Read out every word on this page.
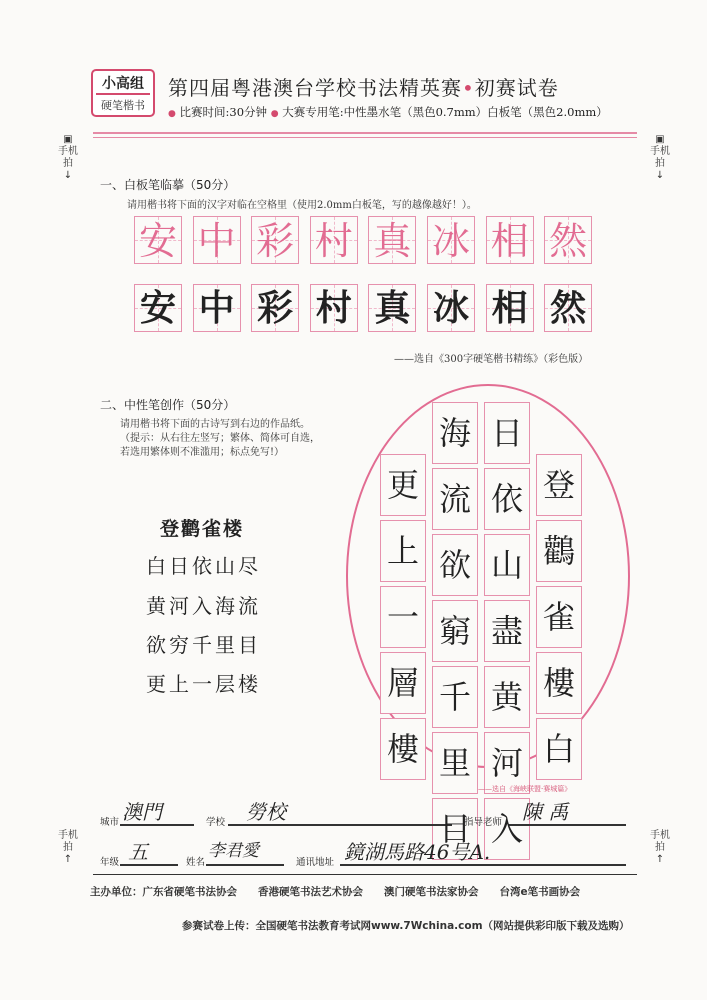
小高组
硬笔楷书
第四届粤港澳台学校书法精英赛•初赛试卷
● 比赛时间:30分钟 ● 大赛专用笔:中性墨水笔（黑色0.7mm）白板笔（黑色2.0mm）
▣
手机拍
↓
▣
手机拍
↓
手机拍
↑
手机拍
↑
一、白板笔临摹（50分）
请用楷书将下面的汉字对临在空格里（使用2.0mm白板笔，写的越像越好！）。
安 中 彩 村 真 冰 相 然
安 中 彩 村 真 冰 相 然
——选自《300字硬笔楷书精练》（彩色版）
二、中性笔创作（50分）
请用楷书将下面的古诗写到右边的作品纸。
（提示：从右往左竖写；繁体、简体可自选，
若选用繁体则不准滥用；标点免写!）
登鹳雀楼
白日依山尽
黄河入海流
欲穷千里目
更上一层楼
登
鸛
雀
樓
白
日
依
山
盡
黄
河
入
海
流
欲
窮
千
里
目
更
上
一
層
樓
——选自《海峡联盟·赛城篇》
城市 澳門	学校 勞校	指导老师 陳 禹
年级 五	姓名
李君愛
通讯地址 鏡湖馬路46号A.
主办单位：广东省硬笔书法协会　　香港硬笔书法艺术协会　　澳门硬笔书法家协会　　台湾e笔书画协会
参赛试卷上传：全国硬笔书法教育考试网www.7Wchina.com（网站提供彩印版下载及选购）
